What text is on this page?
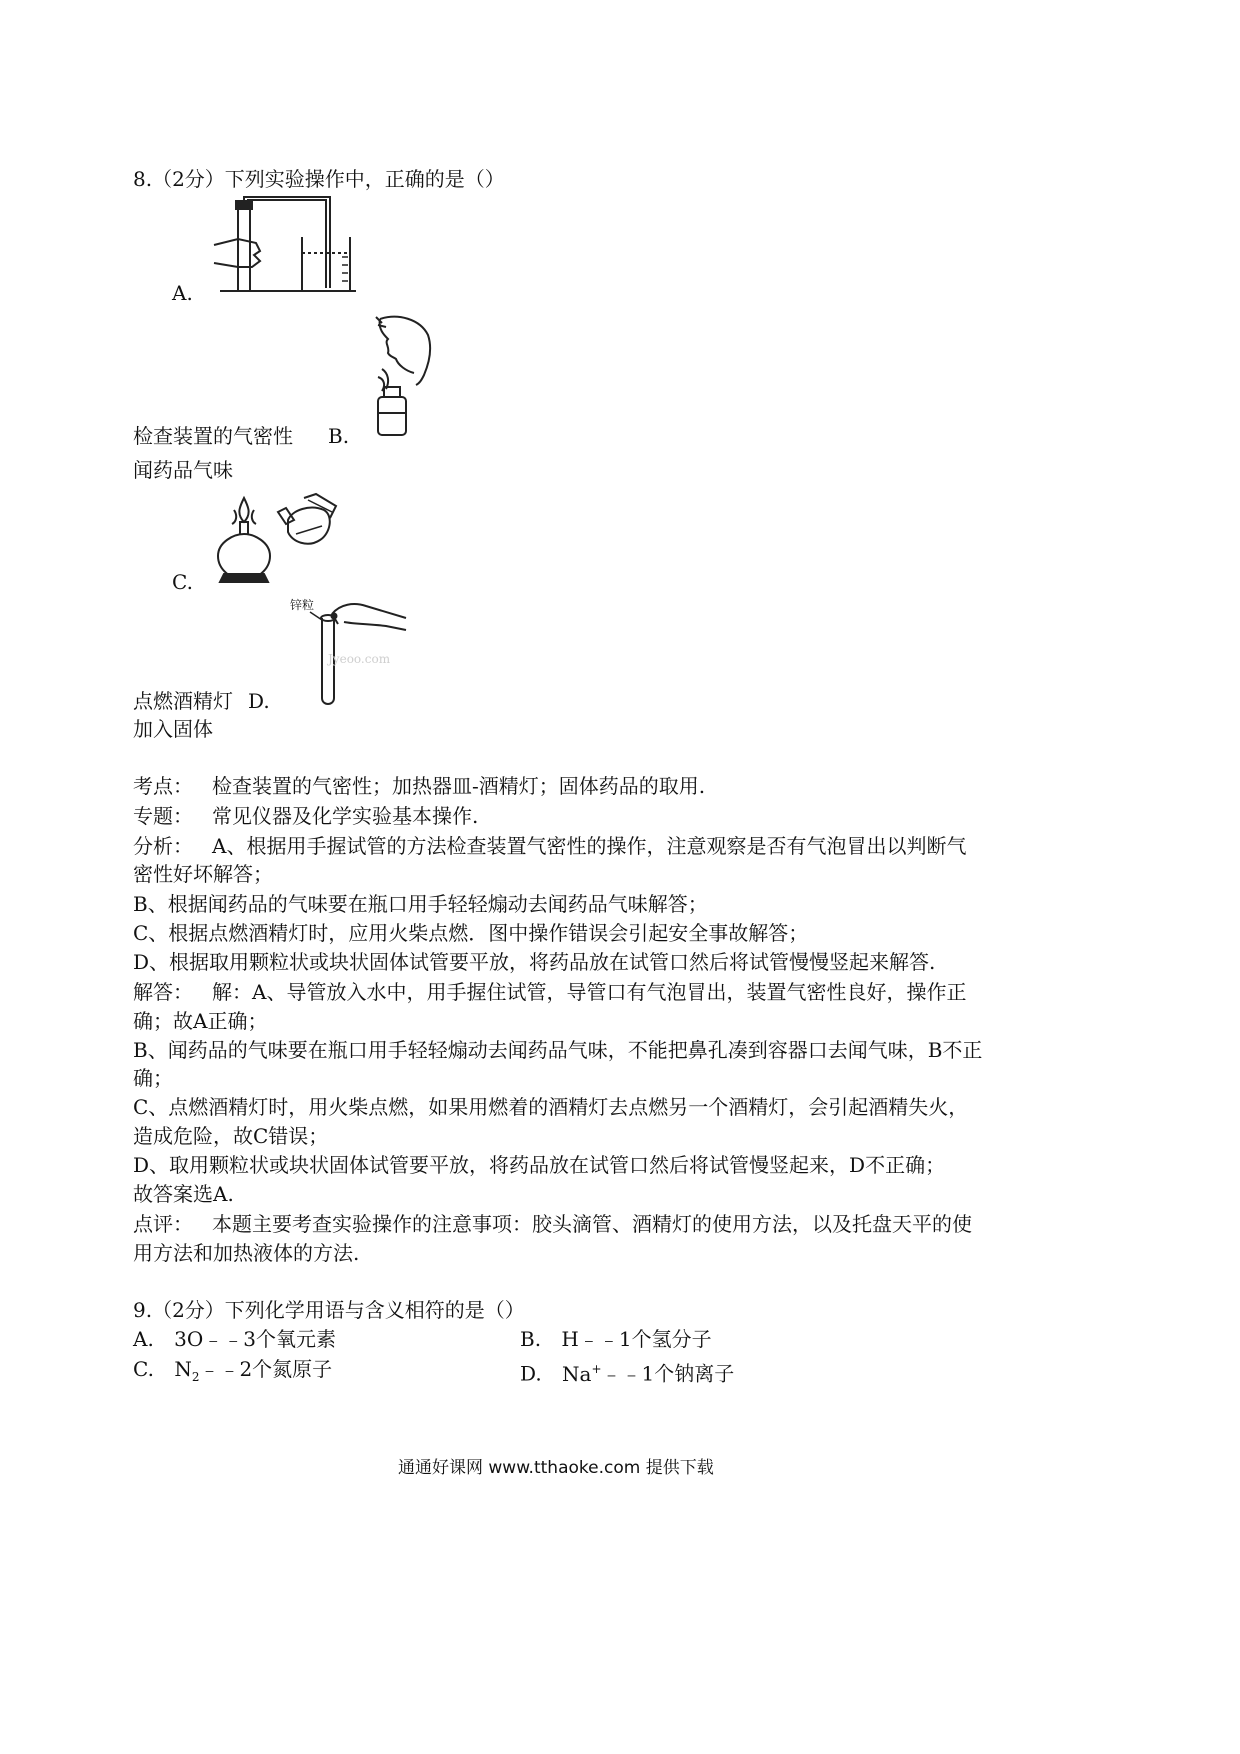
8.（2分）下列实验操作中，正确的是（）
A.
检查装置的气密性 B.
闻药品气味
C.
锌粒
Jyeoo.com
点燃酒精灯 D.
加入固体
考点： 检查装置的气密性；加热器皿-酒精灯；固体药品的取用.
专题： 常见仪器及化学实验基本操作.
分析： A、根据用手握试管的方法检查装置气密性的操作，注意观察是否有气泡冒出以判断气
密性好坏解答；
B、根据闻药品的气味要在瓶口用手轻轻煽动去闻药品气味解答；
C、根据点燃酒精灯时，应用火柴点燃．图中操作错误会引起安全事故解答；
D、根据取用颗粒状或块状固体试管要平放，将药品放在试管口然后将试管慢慢竖起来解答.
解答： 解：A、导管放入水中，用手握住试管，导管口有气泡冒出，装置气密性良好，操作正
确；故A正确；
B、闻药品的气味要在瓶口用手轻轻煽动去闻药品气味，不能把鼻孔凑到容器口去闻气味，B不正
确；
C、点燃酒精灯时，用火柴点燃，如果用燃着的酒精灯去点燃另一个酒精灯，会引起酒精失火，
造成危险，故C错误；
D、取用颗粒状或块状固体试管要平放，将药品放在试管口然后将试管慢竖起来，D不正确；
故答案选A.
点评： 本题主要考查实验操作的注意事项：胶头滴管、酒精灯的使用方法，以及托盘天平的使
用方法和加热液体的方法.
9.（2分）下列化学用语与含义相符的是（）
A. 3O﹣﹣3个氧元素	B. H﹣﹣1个氢分子
C. $N_2﹣﹣2$个氮原子	D. Na+﹣﹣1个钠离子
通通好课网 www.tthaoke.com 提供下载
